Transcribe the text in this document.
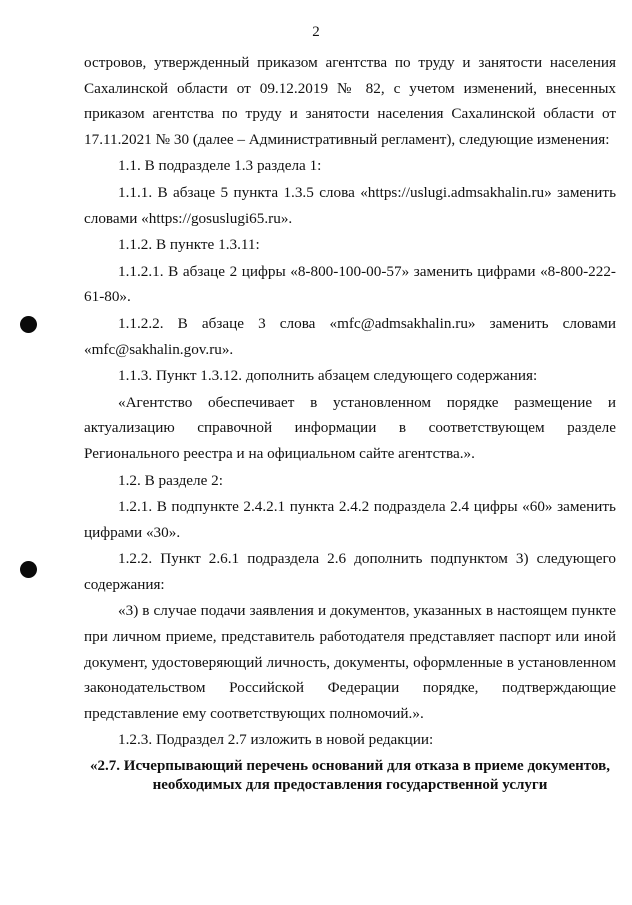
2

островов, утвержденный приказом агентства по труду и занятости населения Сахалинской области от 09.12.2019 № 82, с учетом изменений, внесенных приказом агентства по труду и занятости населения Сахалинской области от 17.11.2021 № 30 (далее – Административный регламент), следующие изменения:

1.1. В подразделе 1.3 раздела 1:

1.1.1. В абзаце 5 пункта 1.3.5 слова «https://uslugi.admsakhalin.ru» заменить словами «https://gosuslugi65.ru».

1.1.2. В пункте 1.3.11:

1.1.2.1. В абзаце 2 цифры «8-800-100-00-57» заменить цифрами «8-800-222-61-80».

1.1.2.2. В абзаце 3 слова «mfc@admsakhalin.ru» заменить словами «mfc@sakhalin.gov.ru».

1.1.3. Пункт 1.3.12. дополнить абзацем следующего содержания:

«Агентство обеспечивает в установленном порядке размещение и актуализацию справочной информации в соответствующем разделе Регионального реестра и на официальном сайте агентства.».

1.2. В разделе 2:

1.2.1. В подпункте 2.4.2.1 пункта 2.4.2 подраздела 2.4 цифры «60» заменить цифрами «30».

1.2.2. Пункт 2.6.1 подраздела 2.6 дополнить подпунктом 3) следующего содержания:

«3) в случае подачи заявления и документов, указанных в настоящем пункте при личном приеме, представитель работодателя представляет паспорт или иной документ, удостоверяющий личность, документы, оформленные в установленном законодательством Российской Федерации порядке, подтверждающие представление ему соответствующих полномочий.».

1.2.3. Подраздел 2.7 изложить в новой редакции:

«2.7. Исчерпывающий перечень оснований для отказа в приеме документов, необходимых для предоставления государственной услуги
